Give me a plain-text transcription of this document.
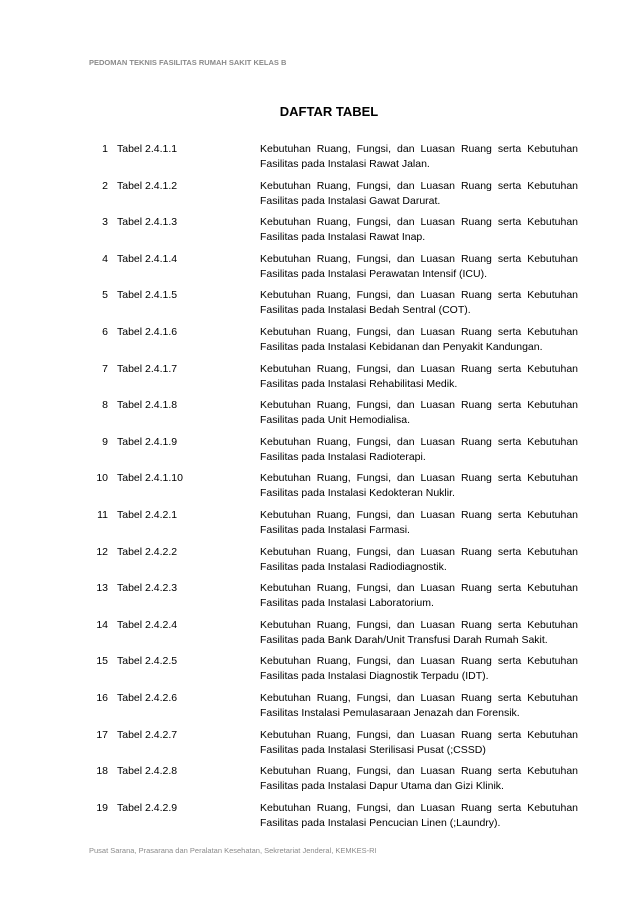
PEDOMAN TEKNIS FASILITAS RUMAH SAKIT KELAS B
DAFTAR TABEL
1 Tabel 2.4.1.1	Kebutuhan Ruang, Fungsi, dan Luasan Ruang serta Kebutuhan
Fasilitas pada Instalasi Rawat Jalan.
2 Tabel 2.4.1.2	Kebutuhan Ruang, Fungsi, dan Luasan Ruang serta Kebutuhan
Fasilitas pada Instalasi Gawat Darurat.
3 Tabel 2.4.1.3	Kebutuhan Ruang, Fungsi, dan Luasan Ruang serta Kebutuhan
Fasilitas pada Instalasi Rawat Inap.
4 Tabel 2.4.1.4	Kebutuhan Ruang, Fungsi, dan Luasan Ruang serta Kebutuhan
Fasilitas pada Instalasi Perawatan Intensif (ICU).
5 Tabel 2.4.1.5	Kebutuhan Ruang, Fungsi, dan Luasan Ruang serta Kebutuhan
Fasilitas pada Instalasi Bedah Sentral (COT).
6 Tabel 2.4.1.6	Kebutuhan Ruang, Fungsi, dan Luasan Ruang serta Kebutuhan
Fasilitas pada Instalasi Kebidanan dan Penyakit Kandungan.
7 Tabel 2.4.1.7	Kebutuhan Ruang, Fungsi, dan Luasan Ruang serta Kebutuhan
Fasilitas pada Instalasi Rehabilitasi Medik.
8 Tabel 2.4.1.8	Kebutuhan Ruang, Fungsi, dan Luasan Ruang serta Kebutuhan
Fasilitas pada Unit Hemodialisa.
9 Tabel 2.4.1.9	Kebutuhan Ruang, Fungsi, dan Luasan Ruang serta Kebutuhan
Fasilitas pada Instalasi Radioterapi.
10 Tabel 2.4.1.10	Kebutuhan Ruang, Fungsi, dan Luasan Ruang serta Kebutuhan
Fasilitas pada Instalasi Kedokteran Nuklir.
11 Tabel 2.4.2.1	Kebutuhan Ruang, Fungsi, dan Luasan Ruang serta Kebutuhan
Fasilitas pada Instalasi Farmasi.
12 Tabel 2.4.2.2	Kebutuhan Ruang, Fungsi, dan Luasan Ruang serta Kebutuhan
Fasilitas pada Instalasi Radiodiagnostik.
13 Tabel 2.4.2.3	Kebutuhan Ruang, Fungsi, dan Luasan Ruang serta Kebutuhan
Fasilitas pada Instalasi Laboratorium.
14 Tabel 2.4.2.4	Kebutuhan Ruang, Fungsi, dan Luasan Ruang serta Kebutuhan
Fasilitas pada Bank Darah/Unit Transfusi Darah Rumah Sakit.
15 Tabel 2.4.2.5	Kebutuhan Ruang, Fungsi, dan Luasan Ruang serta Kebutuhan
Fasilitas pada Instalasi Diagnostik Terpadu (IDT).
16 Tabel 2.4.2.6	Kebutuhan Ruang, Fungsi, dan Luasan Ruang serta Kebutuhan
Fasilitas Instalasi Pemulasaraan Jenazah dan Forensik.
17 Tabel 2.4.2.7	Kebutuhan Ruang, Fungsi, dan Luasan Ruang serta Kebutuhan
Fasilitas pada Instalasi Sterilisasi Pusat (;CSSD)
18 Tabel 2.4.2.8	Kebutuhan Ruang, Fungsi, dan Luasan Ruang serta Kebutuhan
Fasilitas pada Instalasi Dapur Utama dan Gizi Klinik.
19 Tabel 2.4.2.9	Kebutuhan Ruang, Fungsi, dan Luasan Ruang serta Kebutuhan
Fasilitas pada Instalasi Pencucian Linen (;Laundry).
Pusat Sarana, Prasarana dan Peralatan Kesehatan, Sekretariat Jenderal, KEMKES-RI
